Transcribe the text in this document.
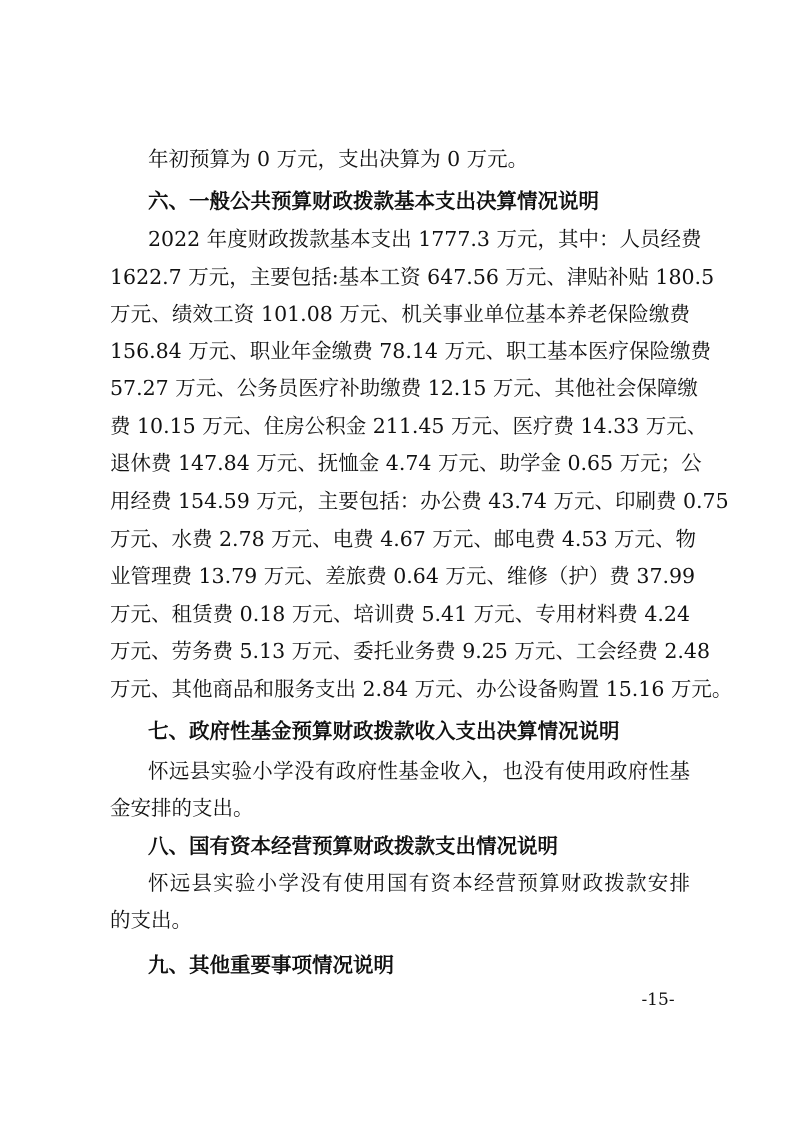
年初预算为 0 万元，支出决算为 0 万元。
六、一般公共预算财政拨款基本支出决算情况说明
2022 年度财政拨款基本支出 1777.3 万元，其中：人员经费
1622.7 万元，主要包括:基本工资 647.56 万元、津贴补贴 180.5
万元、绩效工资 101.08 万元、机关事业单位基本养老保险缴费
156.84 万元、职业年金缴费 78.14 万元、职工基本医疗保险缴费
57.27 万元、公务员医疗补助缴费 12.15 万元、其他社会保障缴
费 10.15 万元、住房公积金 211.45 万元、医疗费 14.33 万元、
退休费 147.84 万元、抚恤金 4.74 万元、助学金 0.65 万元；公
用经费 154.59 万元，主要包括：办公费 43.74 万元、印刷费 0.75
万元、水费 2.78 万元、电费 4.67 万元、邮电费 4.53 万元、物
业管理费 13.79 万元、差旅费 0.64 万元、维修（护）费 37.99
万元、租赁费 0.18 万元、培训费 5.41 万元、专用材料费 4.24
万元、劳务费 5.13 万元、委托业务费 9.25 万元、工会经费 2.48
万元、其他商品和服务支出 2.84 万元、办公设备购置 15.16 万元。
七、政府性基金预算财政拨款收入支出决算情况说明
怀远县实验小学没有政府性基金收入，也没有使用政府性基
金安排的支出。
八、国有资本经营预算财政拨款支出情况说明
怀远县实验小学没有使用国有资本经营预算财政拨款安排
的支出。
九、其他重要事项情况说明
-15-
